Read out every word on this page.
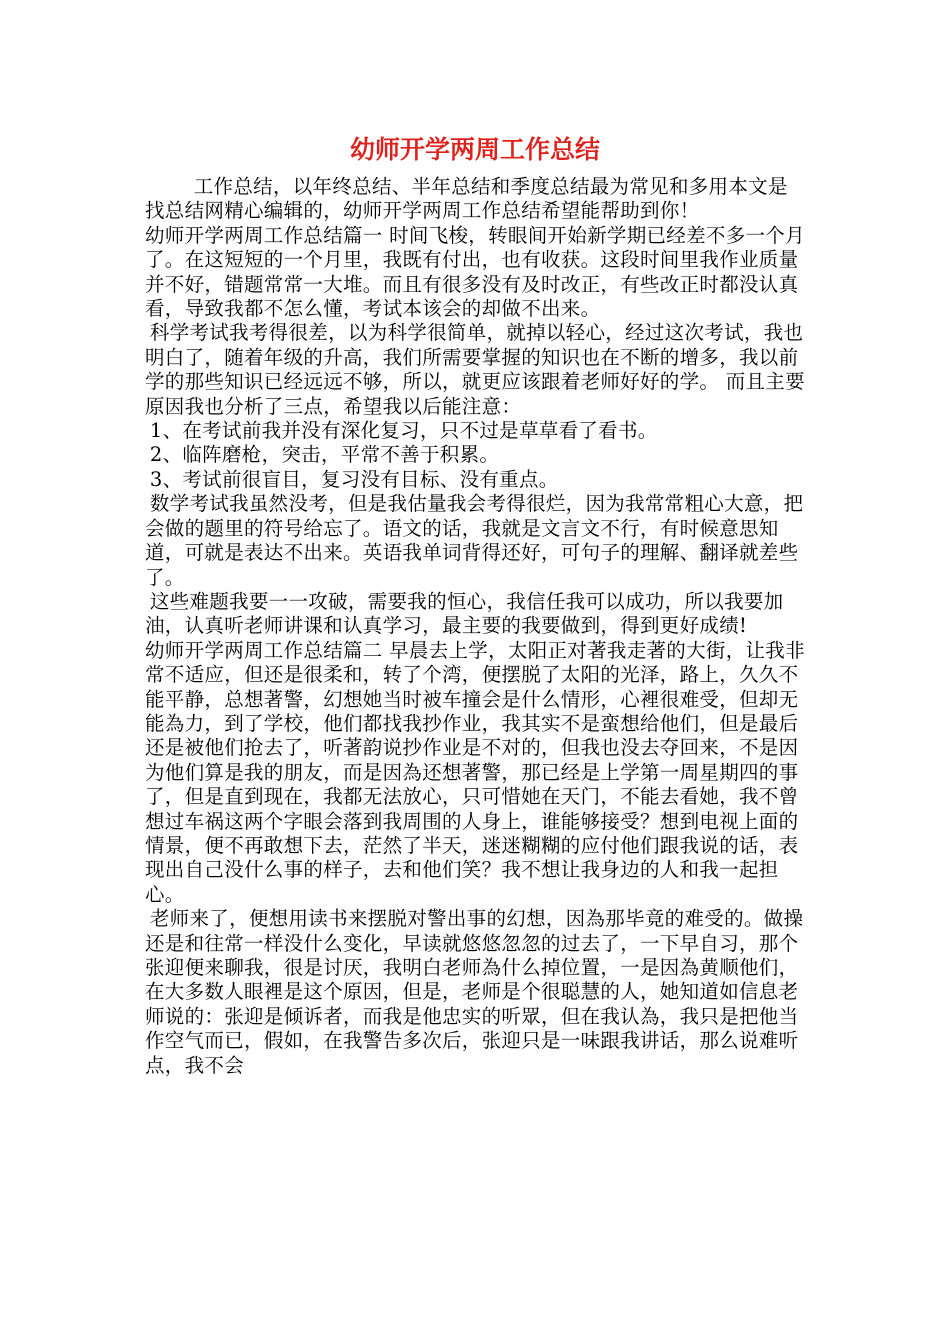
幼师开学两周工作总结

工作总结，以年终总结、半年总结和季度总结最为常见和多用本文是找总结网精心编辑的，幼师开学两周工作总结希望能帮助到你！

幼师开学两周工作总结篇一 时间飞梭，转眼间开始新学期已经差不多一个月了。在这短短的一个月里，我既有付出，也有收获。这段时间里我作业质量并不好，错题常常一大堆。而且有很多没有及时改正，有些改正时都没认真看，导致我都不怎么懂，考试本该会的却做不出来。

科学考试我考得很差，以为科学很简单，就掉以轻心，经过这次考试，我也明白了，随着年级的升高，我们所需要掌握的知识也在不断的增多，我以前学的那些知识已经远远不够，所以，就更应该跟着老师好好的学。 而且主要原因我也分析了三点，希望我以后能注意：

1、在考试前我并没有深化复习，只不过是草草看了看书。

2、临阵磨枪，突击，平常不善于积累。

3、考试前很盲目，复习没有目标、没有重点。

数学考试我虽然没考，但是我估量我会考得很烂，因为我常常粗心大意，把会做的题里的符号给忘了。语文的话，我就是文言文不行，有时候意思知道，可就是表达不出来。英语我单词背得还好，可句子的理解、翻译就差些了。

这些难题我要一一攻破，需要我的恒心，我信任我可以成功，所以我要加油，认真听老师讲课和认真学习，最主要的我要做到，得到更好成绩!

幼师开学两周工作总结篇二 早晨去上学，太阳正对著我走著的大街，让我非常不适应，但还是很柔和，转了个湾，便摆脱了太阳的光泽，路上，久久不能平静，总想著警，幻想她当时被车撞会是什么情形，心裡很难受，但却无能為力，到了学校，他们都找我抄作业，我其实不是蛮想给他们，但是最后还是被他们抢去了，听著韵说抄作业是不对的，但我也没去夺回来，不是因为他们算是我的朋友，而是因為还想著警，那已经是上学第一周星期四的事了，但是直到现在，我都无法放心，只可惜她在天门，不能去看她，我不曾想过车祸这两个字眼会落到我周围的人身上，谁能够接受？想到电视上面的情景，便不再敢想下去，茫然了半天，迷迷糊糊的应付他们跟我说的话，表现出自己没什么事的样子，去和他们笑？我不想让我身边的人和我一起担心。

老师来了，便想用读书来摆脱对警出事的幻想，因為那毕竟的难受的。做操还是和往常一样没什么变化，早读就悠悠忽忽的过去了，一下早自习，那个张迎便来聊我，很是讨厌，我明白老师為什么掉位置，一是因為黄顺他们，在大多数人眼裡是这个原因，但是，老师是个很聪慧的人，她知道如信息老师说的：张迎是倾诉者，而我是他忠实的听眾，但在我认為，我只是把他当作空气而已，假如，在我警告多次后，张迎只是一味跟我讲话，那么说难听点，我不会
